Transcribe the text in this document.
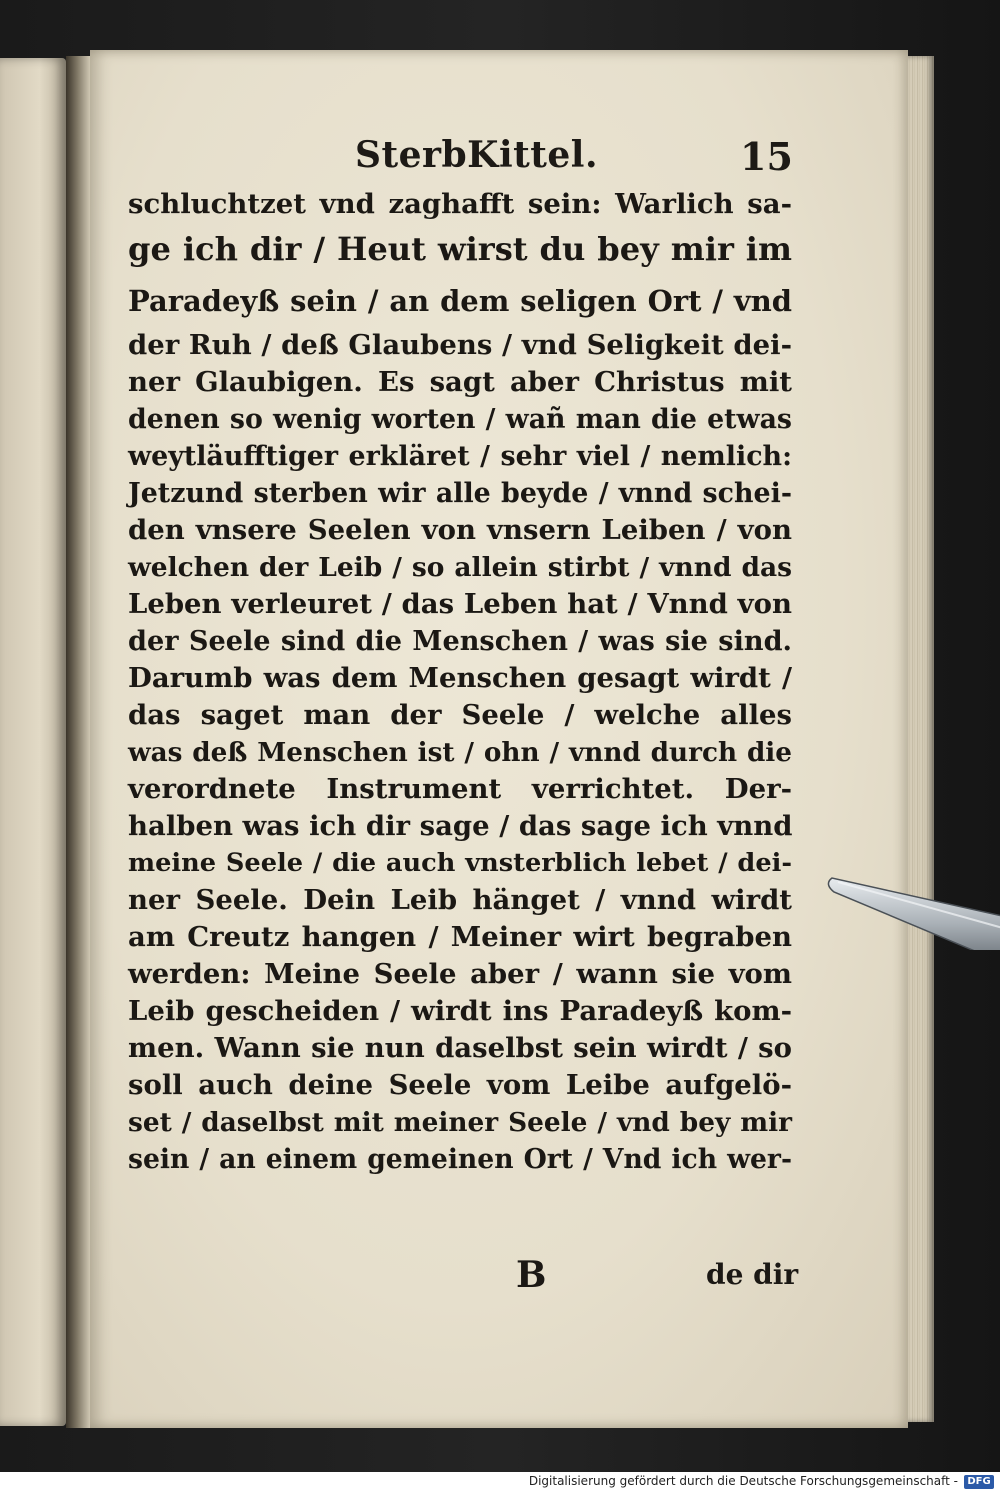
SterbKittel.	15
schluchtzet vnd zaghafft sein: Warlich sa-
ge ich dir / Heut wirst du bey mir im
Paradeyß sein / an dem seligen Ort / vnd
der Ruh / deß Glaubens / vnd Seligkeit dei-
ner Glaubigen. Es sagt aber Christus mit
denen so wenig worten / wañ man die etwas
weytläufftiger erkläret / sehr viel / nemlich:
Jetzund sterben wir alle beyde / vnnd schei-
den vnsere Seelen von vnsern Leiben / von
welchen der Leib / so allein stirbt / vnnd das
Leben verleuret / das Leben hat / Vnnd von
der Seele sind die Menschen / was sie sind.
Darumb was dem Menschen gesagt wirdt /
das saget man der Seele / welche alles
was deß Menschen ist / ohn / vnnd durch die
verordnete Instrument verrichtet. Der-
halben was ich dir sage / das sage ich vnnd
meine Seele / die auch vnsterblich lebet / dei-
ner Seele. Dein Leib hänget / vnnd wirdt
am Creutz hangen / Meiner wirt begraben
werden: Meine Seele aber / wann sie vom
Leib gescheiden / wirdt ins Paradeyß kom-
men. Wann sie nun daselbst sein wirdt / so
soll auch deine Seele vom Leibe aufgelö-
set / daselbst mit meiner Seele / vnd bey mir
sein / an einem gemeinen Ort / Vnd ich wer-
B	de dir
Digitalisierung gefördert durch die Deutsche Forschungsgemeinschaft - DFG
